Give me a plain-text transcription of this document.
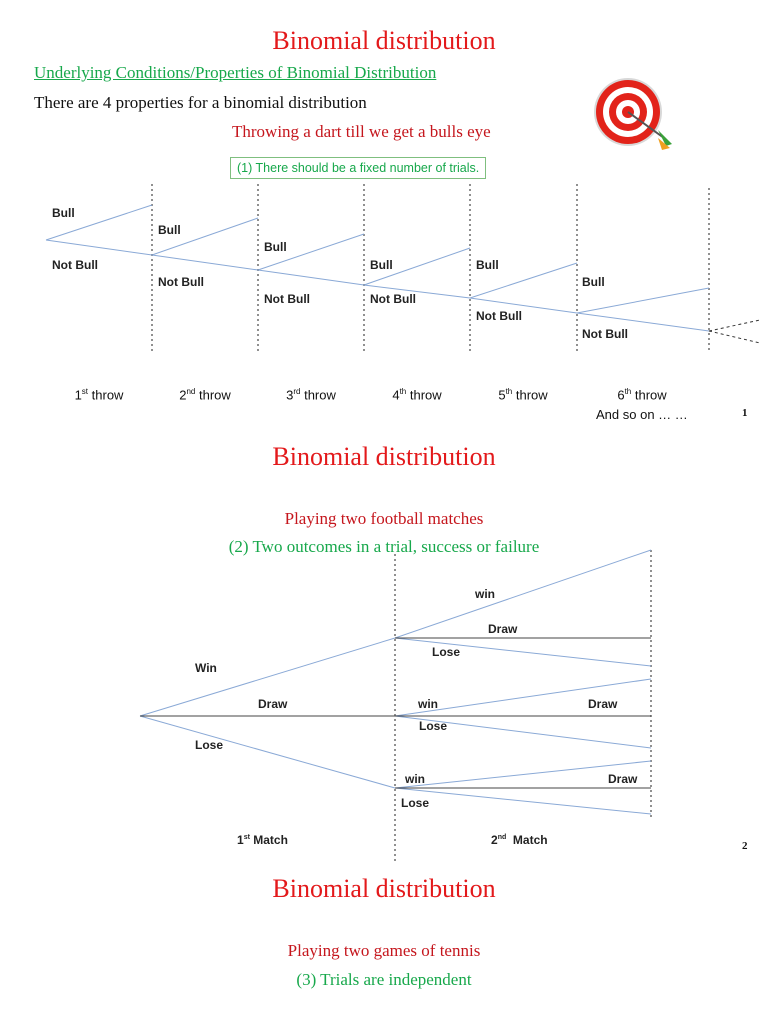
Binomial distribution
Underlying Conditions/Properties of Binomial Distribution
There are 4 properties for a binomial distribution
Throwing a dart till we get a bulls eye
(1) There should be a fixed number of trials.
Bull
Not Bull
Bull
Not Bull
Bull
Not Bull
Bull
Not Bull
Bull
Not Bull
Bull
Not Bull
1st throw	2nd throw	3rd throw	4th throw	5th throw	6th throw
And so on … …	1
Binomial distribution
Playing two football matches
(2) Two outcomes in a trial, success or failure
Win
Draw
Lose
win
Draw
Lose
win	Draw
Lose
win	Draw
Lose
1st Match	2nd  Match	2
Binomial distribution
Playing two games of tennis
(3) Trials are independent
